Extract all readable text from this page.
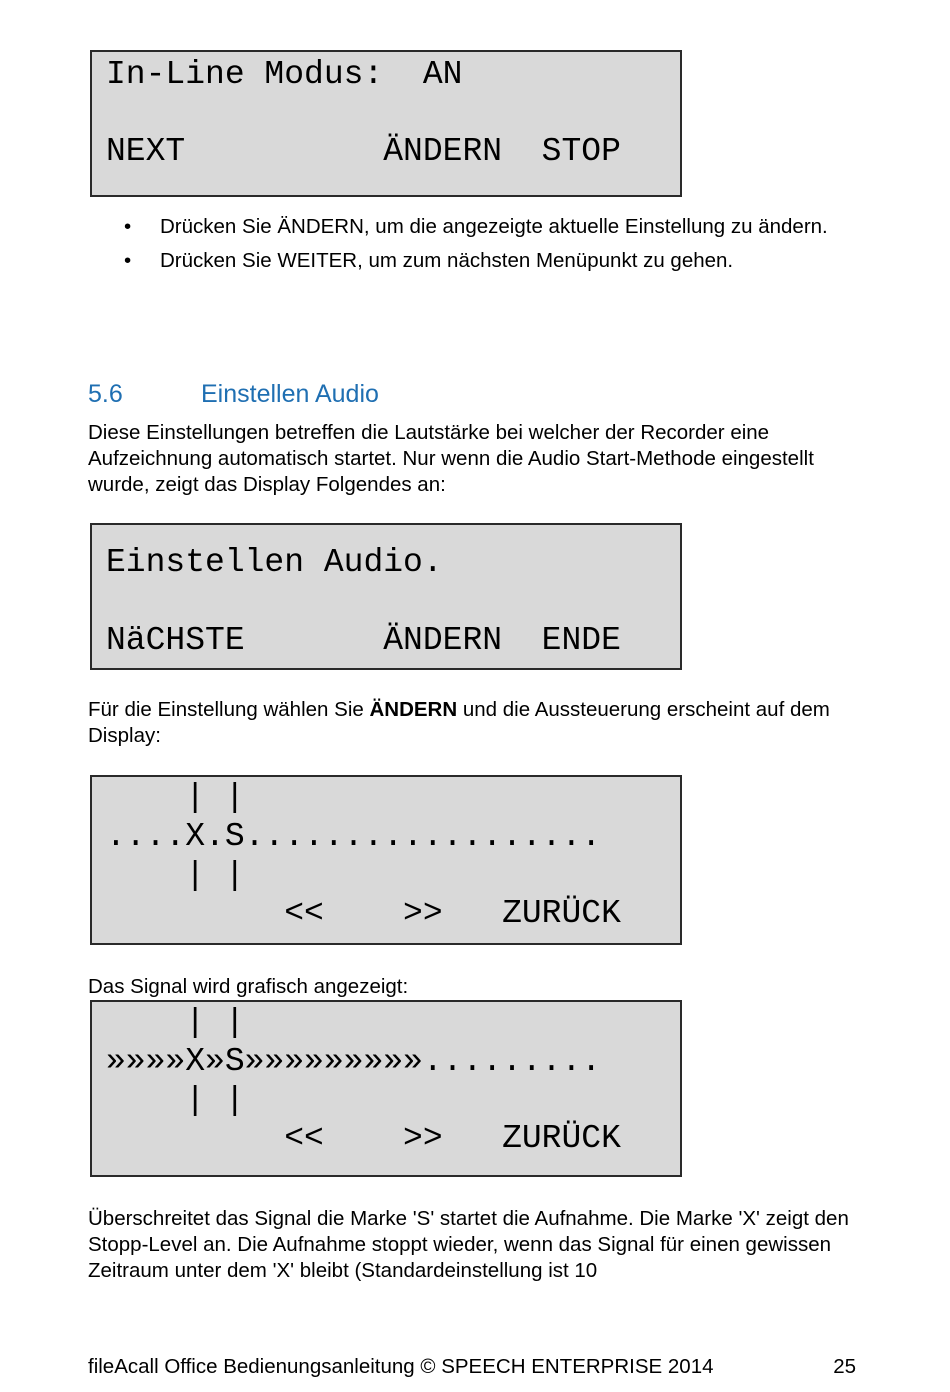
In-Line Modus:  AN
NEXT          ÄNDERN  STOP
• Drücken Sie ÄNDERN, um die angezeigte aktuelle Einstellung zu ändern.
• Drücken Sie WEITER, um zum nächsten Menüpunkt zu gehen.
5.6	Einstellen Audio

Diese Einstellungen betreffen die Lautstärke bei welcher der Recorder eine Aufzeichnung automatisch startet. Nur wenn die Audio Start-Methode eingestellt wurde, zeigt das Display Folgendes an:

Einstellen Audio.
NäCHSTE       ÄNDERN  ENDE

Für die Einstellung wählen Sie ÄNDERN und die Aussteuerung erscheint auf dem Display:

| |
....X.S..................
| |
<<    >>   ZURÜCK

Das Signal wird grafisch angezeigt:

| |
»»»»X»S»»»»»»»»».........
| |
<<    >>   ZURÜCK

Überschreitet das Signal die Marke 'S' startet die Aufnahme. Die Marke 'X' zeigt den Stopp-Level an. Die Aufnahme stoppt wieder, wenn das Signal für einen gewissen Zeitraum unter dem 'X' bleibt (Standardeinstellung ist 10

fileAcall Office Bedienungsanleitung © SPEECH ENTERPRISE 2014	25
